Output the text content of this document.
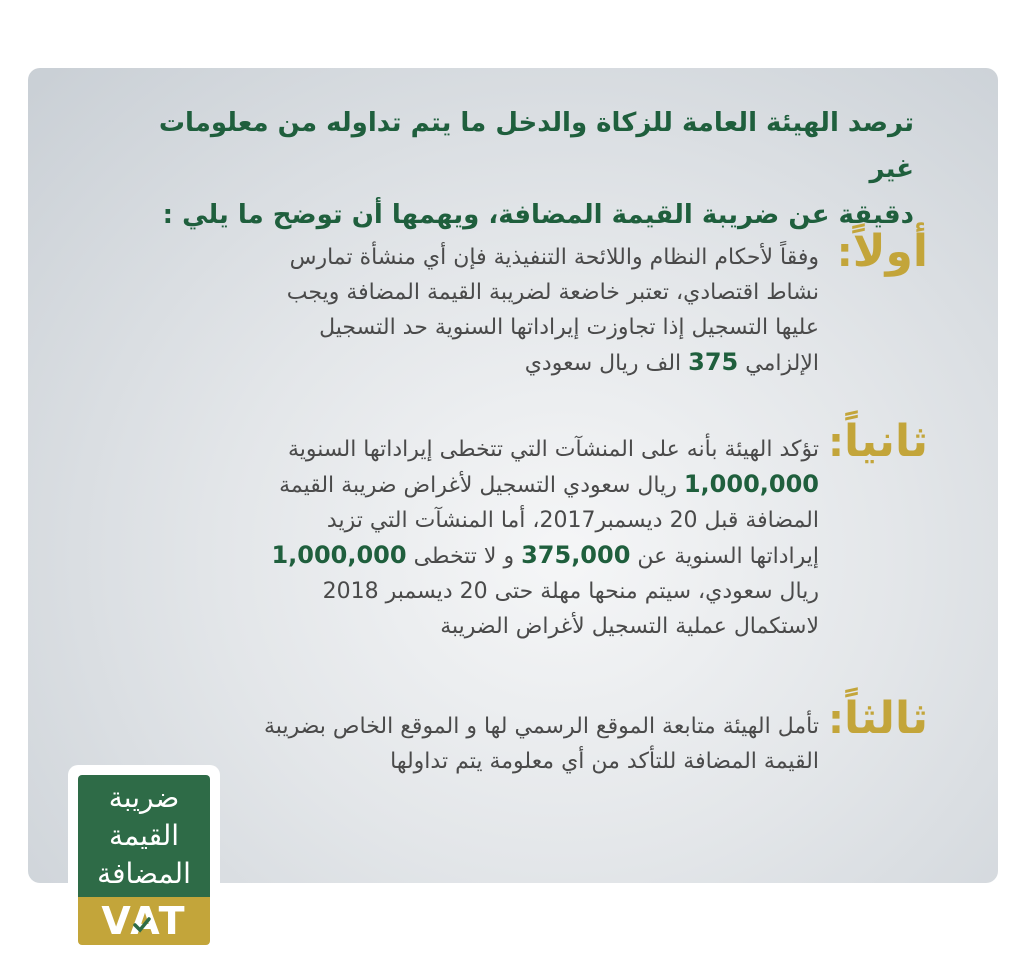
ترصد الهيئة العامة للزكاة والدخل ما يتم تداوله من معلومات غير
دقيقة عن ضريبة القيمة المضافة، ويهمها أن توضح ما يلي :

أولاً:
وفقاً لأحكام النظام واللائحة التنفيذية فإن أي منشأة تمارس نشاط اقتصادي، تعتبر خاضعة لضريبة القيمة المضافة ويجب عليها التسجيل إذا تجاوزت إيراداتها السنوية حد التسجيل الإلزامي 375 الف ريال سعودي
ثانياً:
تؤكد الهيئة بأنه على المنشآت التي تتخطى إيراداتها السنوية 1,000,000 ريال سعودي التسجيل لأغراض ضريبة القيمة المضافة قبل 20 ديسمبر2017، أما المنشآت التي تزيد إيراداتها السنوية عن 375,000 و لا تتخطى 1,000,000 ريال سعودي، سيتم منحها مهلة حتى 20 ديسمبر 2018 لاستكمال عملية التسجيل لأغراض الضريبة
ثالثاً:
تأمل الهيئة متابعة الموقع الرسمي لها و الموقع الخاص بضريبة القيمة المضافة للتأكد من أي معلومة يتم تداولها
ضريبة
القيمة
المضافة
VAT
